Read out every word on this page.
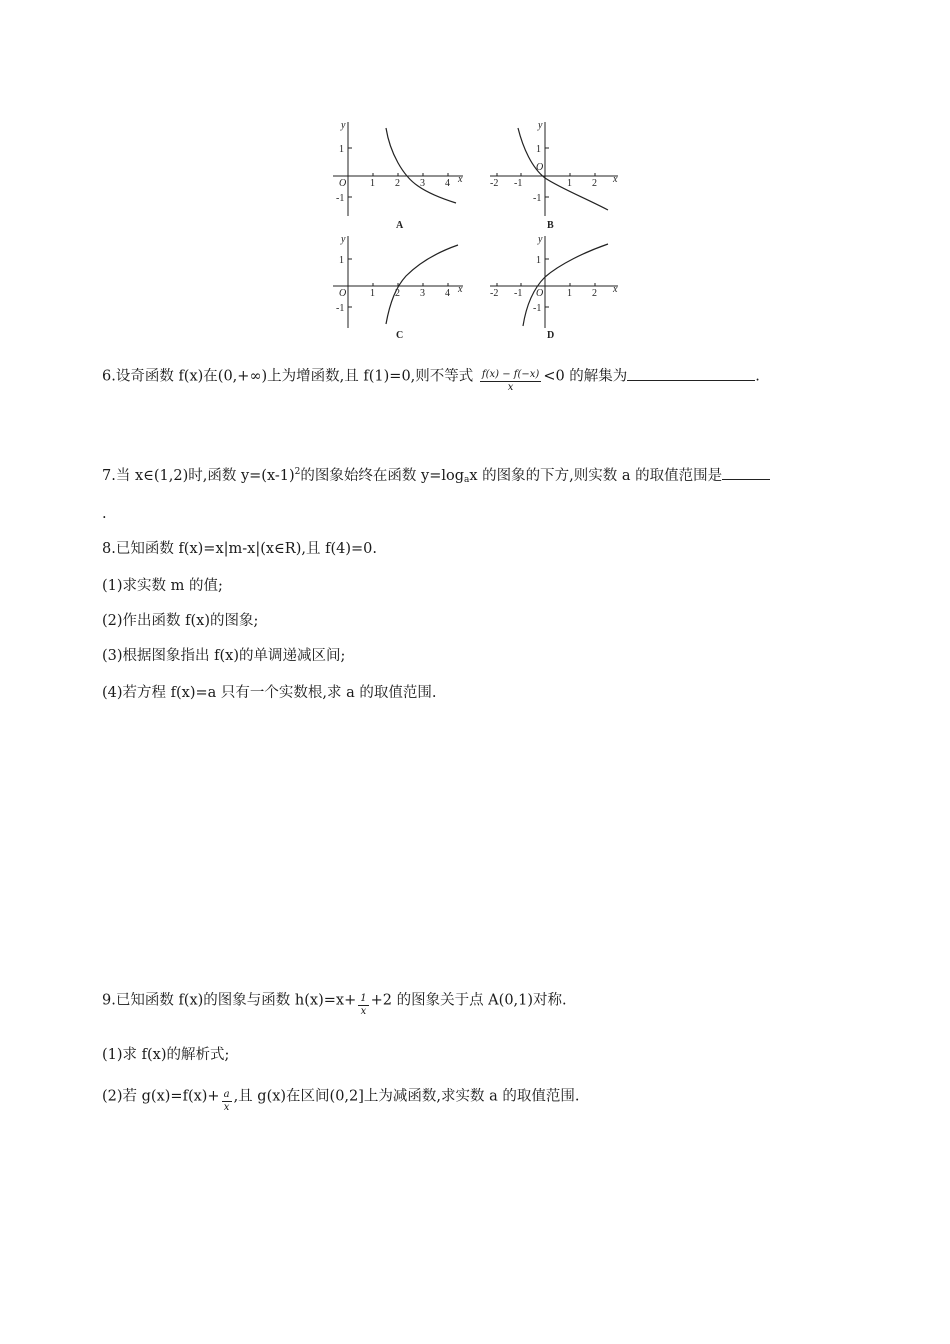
y
x
O
1
-1
1 2 3 4
A
y
x
O
1
-1
-2 -1	1 2
B
y
x
O
1
-1
1 2 3 4
C
y
x
O
1
-1
-2 -1	1 2
D
6.设奇函数 f(x)在(0,+∞)上为增函数,且 f(1)=0,则不等式 $\frac{f(x) - f(-x)}{x} <0$ 的解集为	.
7.当 x∈(1,2)时,函数 $y=(x-1)^2$的图象始终在函数 $y=\log_ax$ 的图象的下方,则实数 a 的取值范围是
.
8.已知函数 f(x)=x|m-x|(x∈R),且 f(4)=0.
(1)求实数 m 的值;
(2)作出函数 f(x)的图象;
(3)根据图象指出 f(x)的单调递减区间;
(4)若方程 f(x)=a 只有一个实数根,求 a 的取值范围.
9.已知函数 f(x)的图象与函数 $h(x)=x+ \frac{1}{x} +2$ 的图象关于点 A(0,1)对称.
(1)求 f(x)的解析式;
(2)若 $g(x)=f(x)+ \frac{a}{x}$ ,且 g(x)在区间(0,2]上为减函数,求实数 a 的取值范围.
